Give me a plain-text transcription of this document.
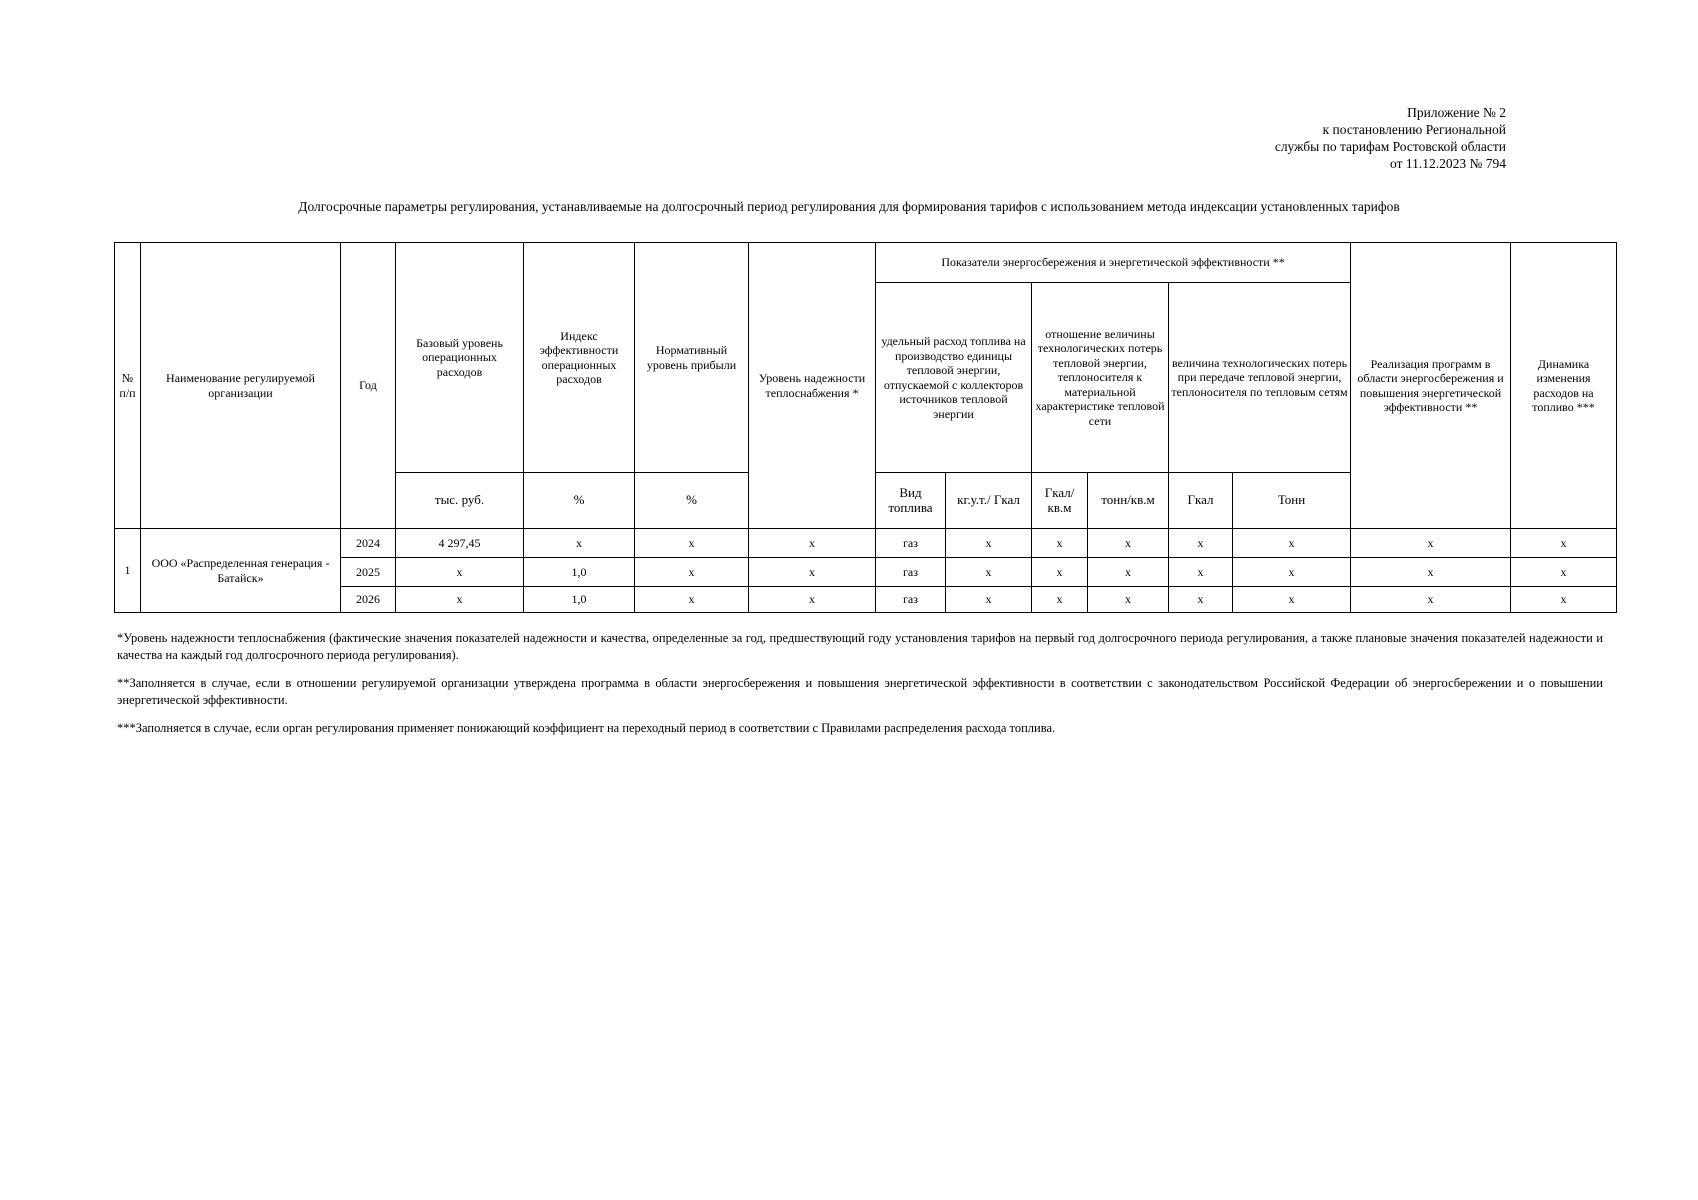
Приложение № 2
к постановлению Региональной
службы по тарифам Ростовской области
от 11.12.2023 № 794
Долгосрочные параметры регулирования, устанавливаемые на долгосрочный период регулирования для формирования тарифов с использованием метода индексации установленных тарифов
№ п/п	Наименование регулируемой организации	Год	Базовый уровень операционных расходов	Индекс эффективности операционных расходов	Нормативный уровень прибыли	Уровень надежности теплоснабжения *	Показатели энергосбережения и энергетической эффективности **						Реализация программ в области энергосбережения и повышения энергетической эффективности **	Динамика изменения расходов на топливо ***
							удельный расход топлива на производство единицы тепловой энергии, отпускаемой с коллекторов источников тепловой энергии		отношение величины технологических потерь тепловой энергии, теплоносителя к материальной характеристике тепловой сети		величина технологических потерь при передаче тепловой энергии, теплоносителя по тепловым сетям			
			тыс. руб.	%	%		Вид топлива	кг.у.т./ Гкал	Гкал/ кв.м	тонн/кв.м	Гкал	Тонн		
1	ООО «Распределенная генерация - Батайск»	2024	4 297,45	х	х	х	газ	х	х	х	х	х	х	х
		2025	х	1,0	х	х	газ	х	х	х	х	х	х	х
		2026	х	1,0	х	х	газ	х	х	х	х	х	х	х

*Уровень надежности теплоснабжения (фактические значения показателей надежности и качества, определенные за год, предшествующий году установления тарифов на первый год долгосрочного периода регулирования, а также плановые значения показателей надежности и качества на каждый год долгосрочного периода регулирования).

**Заполняется в случае, если в отношении регулируемой организации утверждена программа в области энергосбережения и повышения энергетической эффективности в соответствии с законодательством Российской Федерации об энергосбережении и о повышении энергетической эффективности.

***Заполняется в случае, если орган регулирования применяет понижающий коэффициент на переходный период в соответствии с Правилами распределения расхода топлива.
